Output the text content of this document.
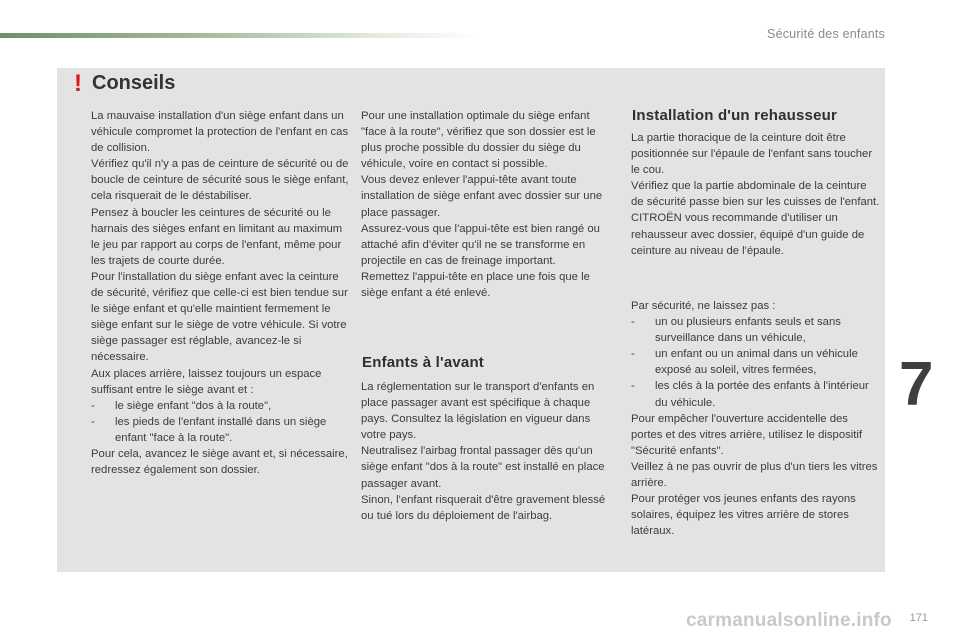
Sécurité des enfants
! Conseils

La mauvaise installation d'un siège enfant dans un véhicule compromet la protection de l'enfant en cas de collision.

Vérifiez qu'il n'y a pas de ceinture de sécurité ou de boucle de ceinture de sécurité sous le siège enfant, cela risquerait de le déstabiliser.

Pensez à boucler les ceintures de sécurité ou le harnais des sièges enfant en limitant au maximum le jeu par rapport au corps de l'enfant, même pour les trajets de courte durée.

Pour l'installation du siège enfant avec la ceinture de sécurité, vérifiez que celle-ci est bien tendue sur le siège enfant et qu'elle maintient fermement le siège enfant sur le siège de votre véhicule. Si votre siège passager est réglable, avancez-le si nécessaire.

Aux places arrière, laissez toujours un espace suffisant entre le siège avant et :

- le siège enfant "dos à la route",

- les pieds de l'enfant installé dans un siège enfant "face à la route".

Pour cela, avancez le siège avant et, si nécessaire, redressez également son dossier.

Pour une installation optimale du siège enfant "face à la route", vérifiez que son dossier est le plus proche possible du dossier du siège du véhicule, voire en contact si possible.

Vous devez enlever l'appui-tête avant toute installation de siège enfant avec dossier sur une place passager.

Assurez-vous que l'appui-tête est bien rangé ou attaché afin d'éviter qu'il ne se transforme en projectile en cas de freinage important.

Remettez l'appui-tête en place une fois que le siège enfant a été enlevé.

Enfants à l'avant

La réglementation sur le transport d'enfants en place passager avant est spécifique à chaque pays. Consultez la législation en vigueur dans votre pays.

Neutralisez l'airbag frontal passager dès qu'un siège enfant "dos à la route" est installé en place passager avant.

Sinon, l'enfant risquerait d'être gravement blessé ou tué lors du déploiement de l'airbag.

Installation d'un rehausseur

La partie thoracique de la ceinture doit être positionnée sur l'épaule de l'enfant sans toucher le cou.

Vérifiez que la partie abdominale de la ceinture de sécurité passe bien sur les cuisses de l'enfant.

CITROËN vous recommande d'utiliser un rehausseur avec dossier, équipé d'un guide de ceinture au niveau de l'épaule.

Par sécurité, ne laissez pas :

- un ou plusieurs enfants seuls et sans surveillance dans un véhicule,

- un enfant ou un animal dans un véhicule exposé au soleil, vitres fermées,

- les clés à la portée des enfants à l'intérieur du véhicule.

Pour empêcher l'ouverture accidentelle des portes et des vitres arrière, utilisez le dispositif "Sécurité enfants".

Veillez à ne pas ouvrir de plus d'un tiers les vitres arrière.

Pour protéger vos jeunes enfants des rayons solaires, équipez les vitres arrière de stores latéraux.

7
carmanualsonline.info 171
